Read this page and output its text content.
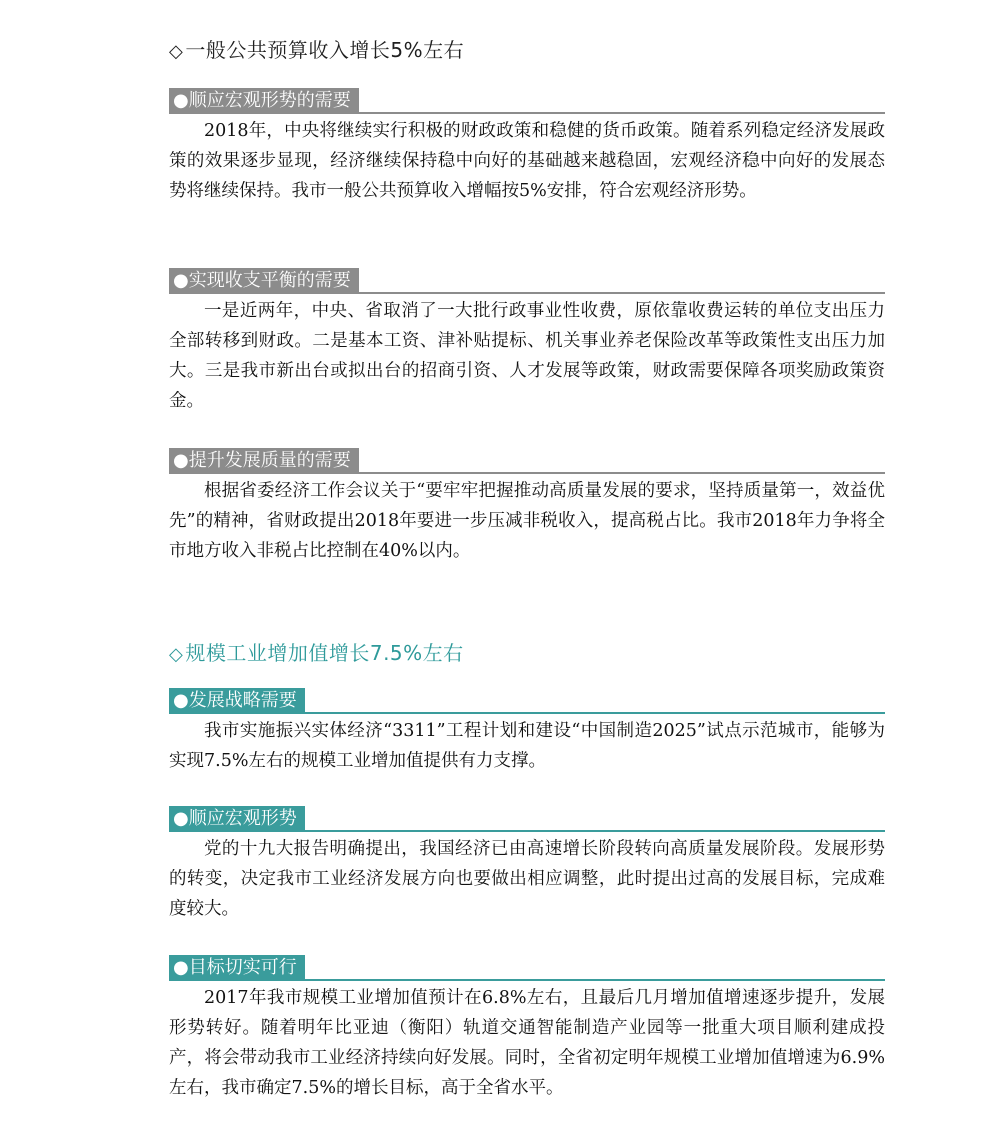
◇ 一般公共预算收入增长5%左右
●顺应宏观形势的需要

2018年，中央将继续实行积极的财政政策和稳健的货币政策。随着系列稳定经济发展政策的效果逐步显现，经济继续保持稳中向好的基础越来越稳固，宏观经济稳中向好的发展态势将继续保持。我市一般公共预算收入增幅按5%安排，符合宏观经济形势。

●实现收支平衡的需要

一是近两年，中央、省取消了一大批行政事业性收费，原依靠收费运转的单位支出压力全部转移到财政。二是基本工资、津补贴提标、机关事业养老保险改革等政策性支出压力加大。三是我市新出台或拟出台的招商引资、人才发展等政策，财政需要保障各项奖励政策资金。

●提升发展质量的需要

根据省委经济工作会议关于“要牢牢把握推动高质量发展的要求，坚持质量第一，效益优先”的精神，省财政提出2018年要进一步压减非税收入，提高税占比。我市2018年力争将全市地方收入非税占比控制在40%以内。

◇ 规模工业增加值增长7.5%左右
●发展战略需要

我市实施振兴实体经济“3311”工程计划和建设“中国制造2025”试点示范城市，能够为实现7.5%左右的规模工业增加值提供有力支撑。

●顺应宏观形势

党的十九大报告明确提出，我国经济已由高速增长阶段转向高质量发展阶段。发展形势的转变，决定我市工业经济发展方向也要做出相应调整，此时提出过高的发展目标，完成难度较大。

●目标切实可行

2017年我市规模工业增加值预计在6.8%左右，且最后几月增加值增速逐步提升，发展形势转好。随着明年比亚迪（衡阳）轨道交通智能制造产业园等一批重大项目顺利建成投产，将会带动我市工业经济持续向好发展。同时，全省初定明年规模工业增加值增速为6.9%左右，我市确定7.5%的增长目标，高于全省水平。
